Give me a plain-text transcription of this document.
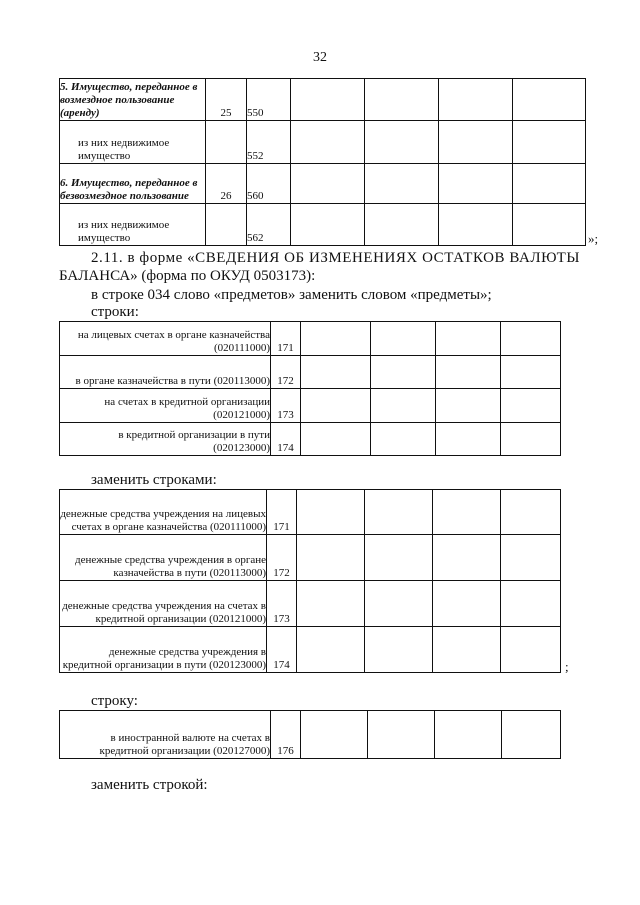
32
5. Имущество, переданное в возмездное пользование (аренду)	25	550				

из них недвижимое имущество		552				
6. Имущество, переданное в безвозмездное пользование	26	560				

из них недвижимое имущество		562					»;
2.11. в форме «СВЕДЕНИЯ ОБ ИЗМЕНЕНИЯХ ОСТАТКОВ ВАЛЮТЫ
БАЛАНСА» (форма по ОКУД 0503173):
в строке 034 слово «предметов» заменить словом «предметы»;
строки:
на лицевых счетах в органе казначейства (020111000)	171				
в органе казначейства в пути (020113000)	172				
на счетах в кредитной организации (020121000)	173				
в кредитной организации в пути (020123000)	174				
заменить строками:
денежные средства учреждения на лицевых счетах в органе казначейства (020111000)	171				
денежные средства учреждения в органе казначейства в пути (020113000)	172				
денежные средства учреждения на счетах в кредитной организации (020121000)	173				
денежные средства учреждения в кредитной организации в пути (020123000)	174					;
строку:
в иностранной валюте на счетах в кредитной организации (020127000)	176				
заменить строкой:
